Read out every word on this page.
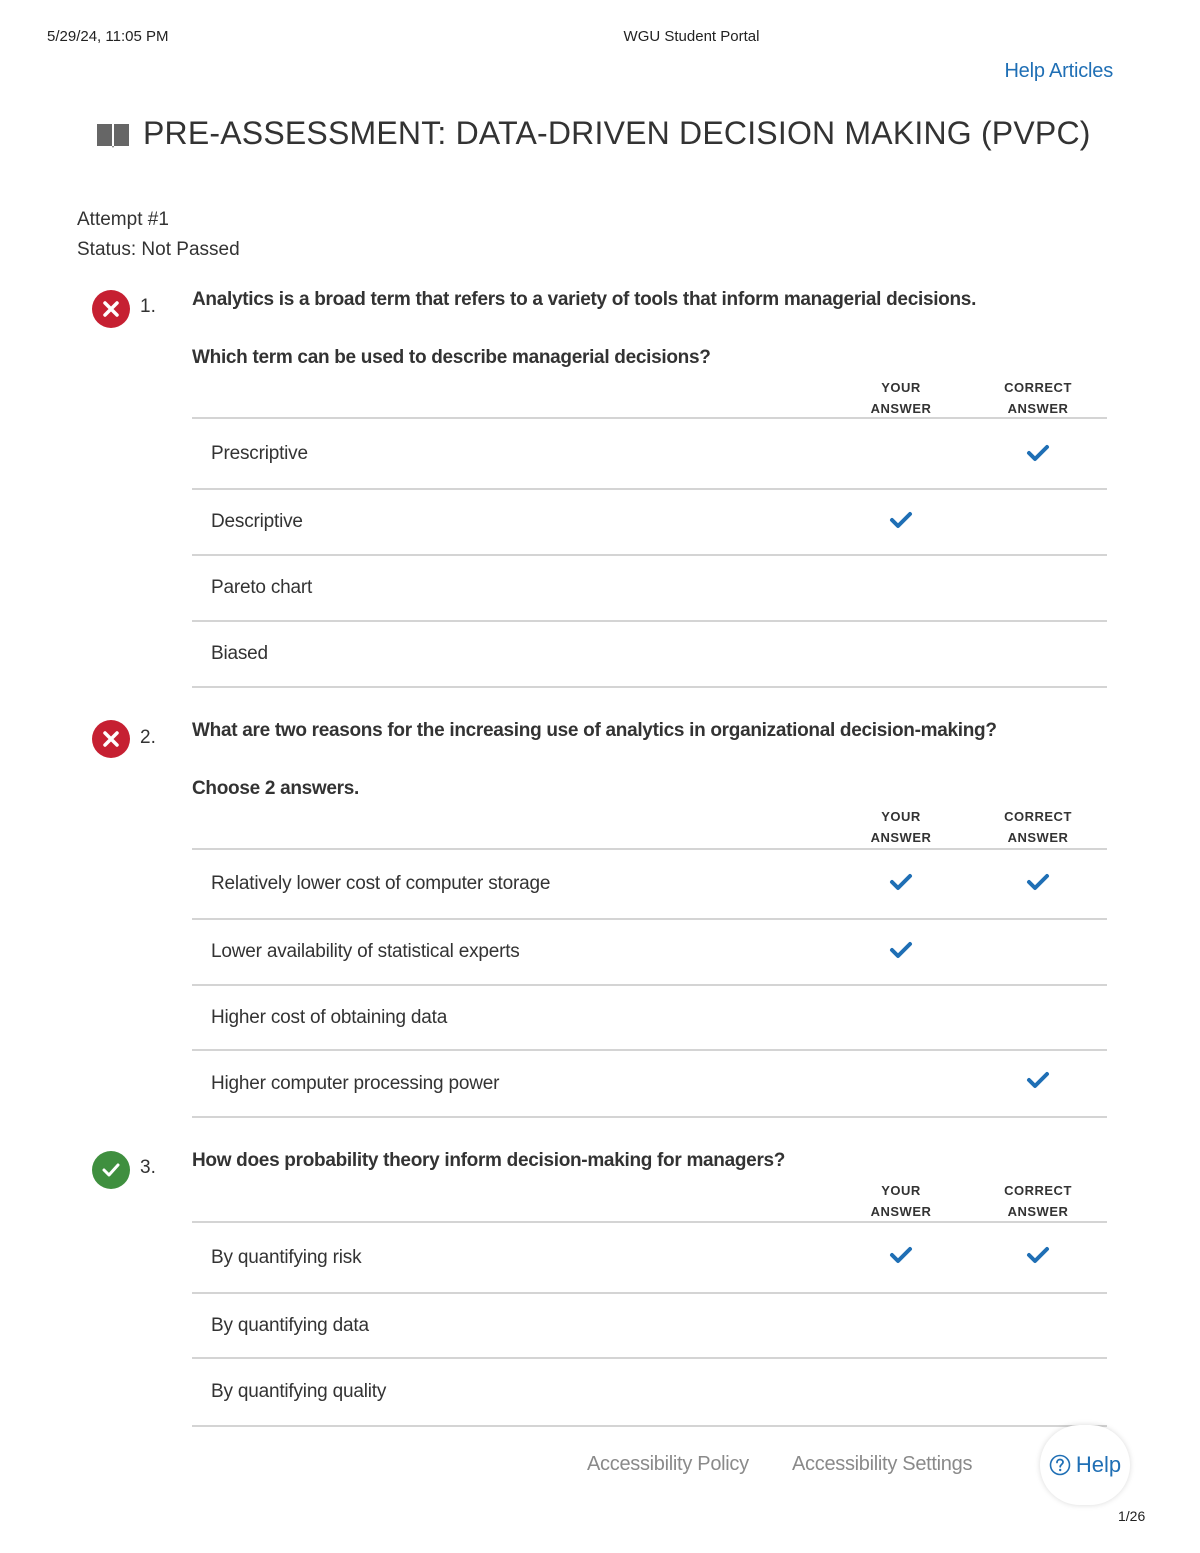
5/29/24, 11:05 PM	WGU Student Portal
Help Articles
PRE-ASSESSMENT: DATA-DRIVEN DECISION MAKING (PVPC)
Attempt #1
Status: Not Passed
1. Analytics is a broad term that refers to a variety of tools that inform managerial decisions.
Which term can be used to describe managerial decisions?
YOUR
ANSWER
CORRECT
ANSWER
Prescriptive
Descriptive
Pareto chart
Biased
2. What are two reasons for the increasing use of analytics in organizational decision-making?
Choose 2 answers.
YOUR
ANSWER
CORRECT
ANSWER
Relatively lower cost of computer storage
Lower availability of statistical experts
Higher cost of obtaining data
Higher computer processing power
3. How does probability theory inform decision-making for managers?
YOUR
ANSWER
CORRECT
ANSWER
By quantifying risk
By quantifying data
By quantifying quality
Accessibility Policy Accessibility Settings	Help
1/26
